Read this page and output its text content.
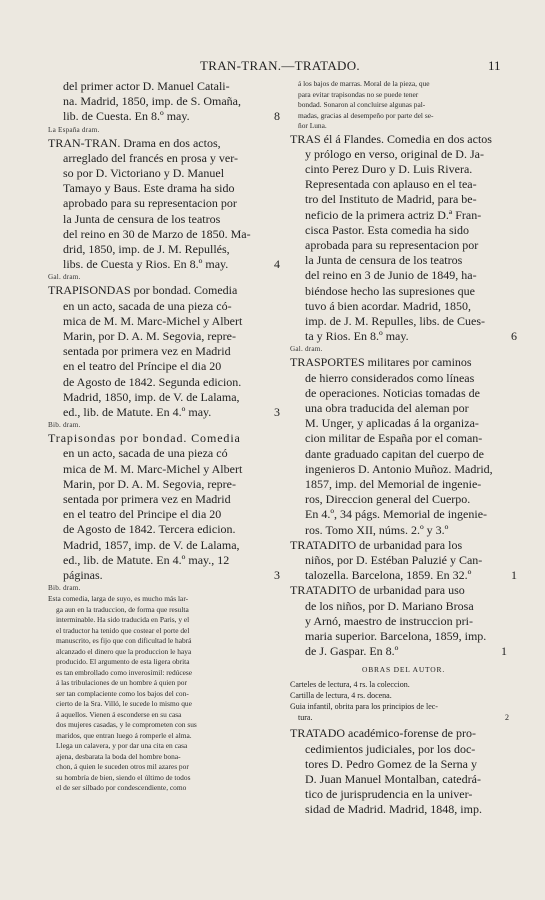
TRAN-TRAN.—TRATADO.	11

del primer actor D. Manuel Catali-

na. Madrid, 1850, imp. de S. Omaña,

lib. de Cuesta. En 8.º may.	8

La España dram.

TRAN-TRAN. Drama en dos actos,

arreglado del francés en prosa y ver-

so por D. Victoriano y D. Manuel

Tamayo y Baus. Este drama ha sido

aprobado para su representacion por

la Junta de censura de los teatros

del reino en 30 de Marzo de 1850. Ma-

drid, 1850, imp. de J. M. Repullés,

libs. de Cuesta y Rios. En 8.º may.	4

Gal. dram.

TRAPISONDAS por bondad. Comedia

en un acto, sacada de una pieza có-

mica de M. M. Marc-Michel y Albert

Marin, por D. A. M. Segovia, repre-

sentada por primera vez en Madrid

en el teatro del Príncipe el dia 20

de Agosto de 1842. Segunda edicion.

Madrid, 1850, imp. de V. de Lalama,

ed., lib. de Matute. En 4.º may.	3

Bib. dram.

Trapisondas por bondad. Comedia

en un acto, sacada de una pieza có

mica de M. M. Marc-Michel y Albert

Marin, por D. A. M. Segovia, repre-

sentada por primera vez en Madrid

en el teatro del Principe el dia 20

de Agosto de 1842. Tercera edicion.

Madrid, 1857, imp. de V. de Lalama,

ed., lib. de Matute. En 4.º may., 12

páginas.	3

Bib. dram.

Esta comedia, larga de suyo, es mucho más lar-

ga aun en la traduccion, de forma que resulta

interminable. Ha sido traducida en Paris, y el

el traductor ha tenido que costear el porte del

manuscrito, es fijo que con dificultad le habrá

alcanzado el dinero que la produccion le haya

producido. El argumento de esta ligera obrita

es tan embrollado como inverosímil: redúcese

á las tribulaciones de un hombre á quien por

ser tan complaciente como los bajos del con-

cierto de la Sra. Villó, le sucede lo mismo que

á aquellos. Vienen á esconderse en su casa

dos mujeres casadas, y le comprometen con sus

maridos, que entran luego á romperle el alma.

Llega un calavera, y por dar una cita en casa

ajena, desbarata la boda del hombre bona-

chon, á quien le suceden otros mil azares por

su hombría de bien, siendo el último de todos

el de ser silbado por condescendiente, como

á los bajos de marras. Moral de la pieza, que

para evitar trapisondas no se puede tener

bondad. Sonaron al concluirse algunas pal-

madas, gracias al desempeño por parte del se-

ñor Luna.

TRAS él á Flandes. Comedia en dos actos

y prólogo en verso, original de D. Ja-

cinto Perez Duro y D. Luis Rivera.

Representada con aplauso en el tea-

tro del Instituto de Madrid, para be-

neficio de la primera actriz D.ª Fran-

cisca Pastor. Esta comedia ha sido

aprobada para su representacion por

la Junta de censura de los teatros

del reino en 3 de Junio de 1849, ha-

biéndose hecho las supresiones que

tuvo á bien acordar. Madrid, 1850,

imp. de J. M. Repulles, libs. de Cues-

ta y Rios. En 8.º may.	6

Gal. dram.

TRASPORTES militares por caminos

de hierro considerados como líneas

de operaciones. Noticias tomadas de

una obra traducida del aleman por

M. Unger, y aplicadas á la organiza-

cion militar de España por el coman-

dante graduado capitan del cuerpo de

ingenieros D. Antonio Muñoz. Madrid,

1857, imp. del Memorial de ingenie-

ros, Direccion general del Cuerpo.

En 4.º, 34 págs. Memorial de ingenie-

ros. Tomo XII, núms. 2.º y 3.º

TRATADITO de urbanidad para los

niños, por D. Estéban Paluzié y Can-

talozella. Barcelona, 1859. En 32.º	1

TRATADITO de urbanidad para uso

de los niños, por D. Mariano Brosa

y Arnó, maestro de instruccion pri-

maria superior. Barcelona, 1859, imp.

de J. Gaspar. En 8.º	1

OBRAS DEL AUTOR.

Carteles de lectura, 4 rs. la coleccion.

Cartilla de lectura, 4 rs. docena.

Guia infantil, obrita para los principios de lec-

tura.	2

TRATADO académico-forense de pro-

cedimientos judiciales, por los doc-

tores D. Pedro Gomez de la Serna y

D. Juan Manuel Montalban, catedrá-

tico de jurisprudencia en la univer-

sidad de Madrid. Madrid, 1848, imp.
